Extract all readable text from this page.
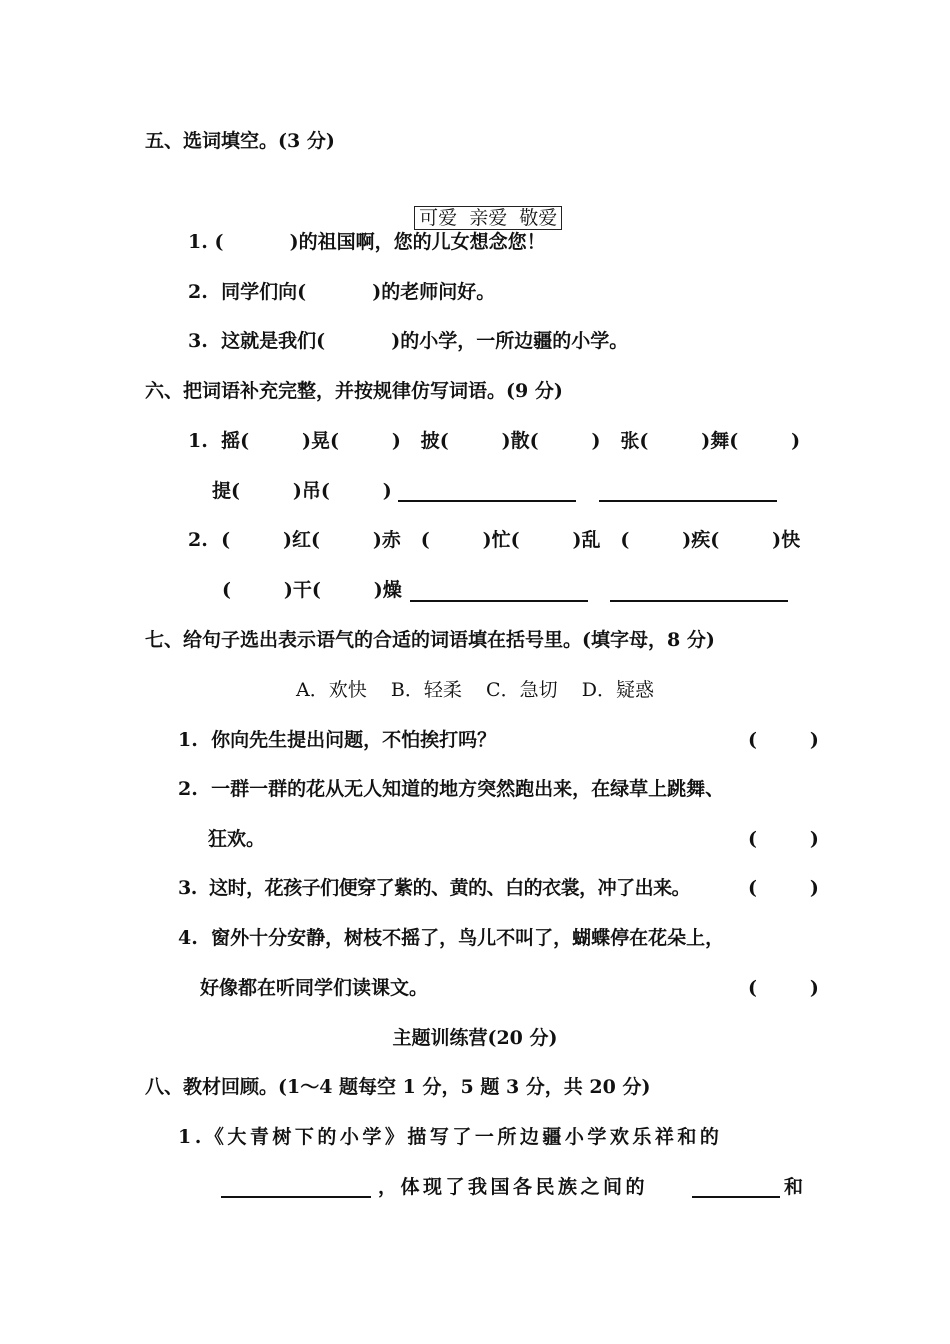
五、选词填空。(3 分)

可爱  亲爱  敬爱

1. (          )的祖国啊，您的儿女想念您！
2.  同学们向(          )的老师问好。
3.  这就是我们(          )的小学，一所边疆的小学。
六、把词语补充完整，并按规律仿写词语。(9 分)
1.  摇(        )晃(        )   披(        )散(        )   张(        )舞(        )
提(        )吊(        )
2.  (        )红(        )赤   (        )忙(        )乱   (        )疾(        )快
(        )干(        )燥
七、给句子选出表示语气的合适的词语填在括号里。(填字母，8 分)
A．欢快    B．轻柔    C．急切    D．疑惑
1.  你向先生提出问题，不怕挨打吗？	(        )
2.  一群一群的花从无人知道的地方突然跑出来，在绿草上跳舞、
狂欢。	(        )
3.  这时，花孩子们便穿了紫的、黄的、白的衣裳，冲了出来。	(        )
4.  窗外十分安静，树枝不摇了，鸟儿不叫了，蝴蝶停在花朵上，
好像都在听同学们读课文。	(        )
主题训练营(20 分)
八、教材回顾。(1～4 题每空 1 分，5 题 3 分，共 20 分)
1.《大青树下的小学》描写了一所边疆小学欢乐祥和的
，体现了我国各民族之间的	和
